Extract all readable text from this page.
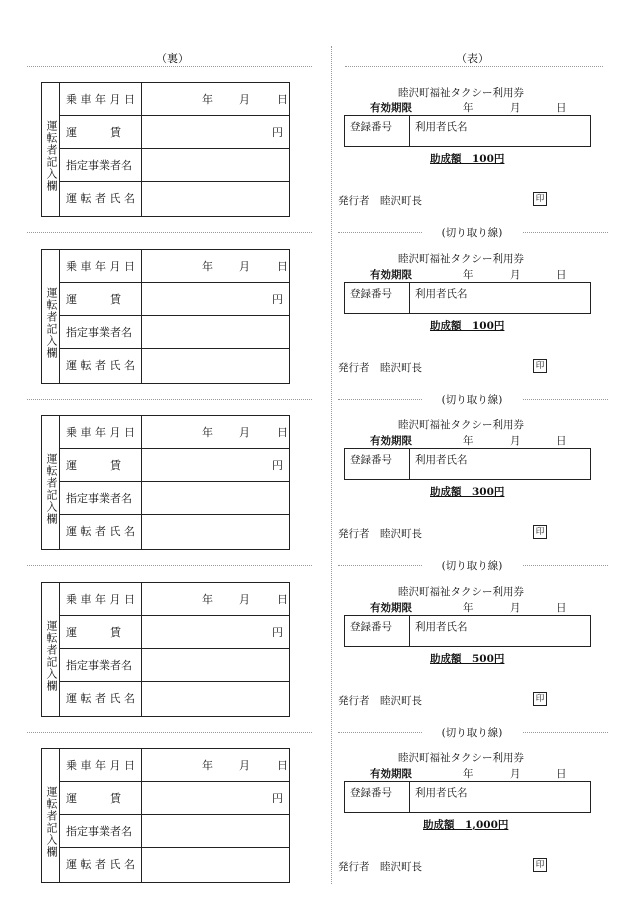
（裏）	（表）
運転者記入欄
乗 車 年 月 日	年 月 日
運　　　賃	円
指定事業者名
運 転 者 氏 名
睦沢町福祉タクシー利用券
有効期限	年	月	日
登録番号	利用者氏名
助成額　100円
発行者　睦沢町長	印
運転者記入欄
乗 車 年 月 日	年 月 日
運　　　賃	円
指定事業者名
運 転 者 氏 名
睦沢町福祉タクシー利用券
有効期限	年	月	日
登録番号	利用者氏名
助成額　100円
発行者　睦沢町長	印
運転者記入欄
乗 車 年 月 日	年 月 日
運　　　賃	円
指定事業者名
運 転 者 氏 名
睦沢町福祉タクシー利用券
有効期限	年	月	日
登録番号	利用者氏名
助成額　300円
発行者　睦沢町長	印
運転者記入欄
乗 車 年 月 日	年 月 日
運　　　賃	円
指定事業者名
運 転 者 氏 名
睦沢町福祉タクシー利用券
有効期限	年	月	日
登録番号	利用者氏名
助成額　500円
発行者　睦沢町長	印
運転者記入欄
乗 車 年 月 日	年 月 日
運　　　賃	円
指定事業者名
運 転 者 氏 名
睦沢町福祉タクシー利用券
有効期限	年	月	日
登録番号	利用者氏名
助成額　1,000円
発行者　睦沢町長	印
(切り取り線)
(切り取り線)
(切り取り線)
(切り取り線)
